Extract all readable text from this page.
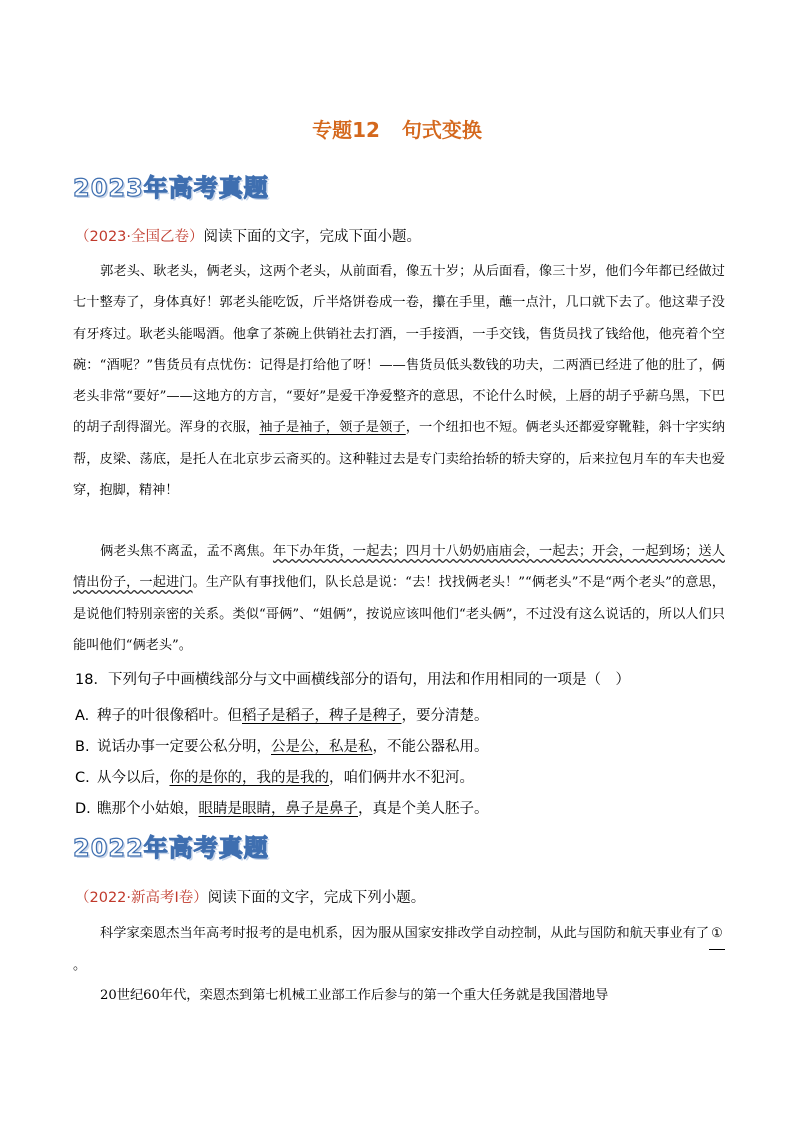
专题12 句式变换
2023年高考真题
（2023·全国乙卷）阅读下面的文字，完成下面小题。
郭老头、耿老头，俩老头，这两个老头，从前面看，像五十岁；从后面看，像三十岁，他们今年都已经做过七十整寿了，身体真好！郭老头能吃饭，斤半烙饼卷成一卷，攥在手里，蘸一点汁，几口就下去了。他这辈子没有牙疼过。耿老头能喝酒。他拿了茶碗上供销社去打酒，一手接酒，一手交钱，售货员找了钱给他，他亮着个空碗：“酒呢？”售货员有点忧伤：记得是打给他了呀！——售货员低头数钱的功夫，二两酒已经进了他的肚了，俩老头非常“要好”——这地方的方言，“要好”是爱干净爱整齐的意思，不论什么时候，上唇的胡子乎薪乌黑，下巴的胡子刮得溜光。浑身的衣服，袖子是袖子，领子是领子，一个纽扣也不短。俩老头还都爱穿靴鞋，斜十字实纳帮，皮梁、荡底，是托人在北京步云斋买的。这种鞋过去是专门卖给抬轿的轿夫穿的，后来拉包月车的车夫也爱穿，抱脚，精神！
俩老头焦不离孟，孟不离焦。年下办年货，一起去；四月十八奶奶庙庙会，一起去；开会，一起到场；送人情出份子，一起进门。生产队有事找他们，队长总是说：“去！找找俩老头！”“俩老头”不是“两个老头”的意思，是说他们特别亲密的关系。类似“哥俩”、“姐俩”，按说应该叫他们“老头俩”，不过没有这么说话的，所以人们只能叫他们“俩老头”。
18．下列句子中画横线部分与文中画横线部分的语句，用法和作用相同的一项是（　）
A. 稗子的叶很像稻叶。但稻子是稻子，稗子是稗子，要分清楚。
B. 说话办事一定要公私分明，公是公，私是私，不能公器私用。
C. 从今以后，你的是你的，我的是我的，咱们俩井水不犯河。
D. 瞧那个小姑娘，眼睛是眼睛，鼻子是鼻子，真是个美人胚子。
2022年高考真题
（2022·新高考Ⅰ卷）阅读下面的文字，完成下列小题。
科学家栾恩杰当年高考时报考的是电机系，因为服从国家安排改学自动控制，从此与国防和航天事业有了 ①。
20世纪60年代，栾恩杰到第七机械工业部工作后参与的第一个重大任务就是我国潜地导
